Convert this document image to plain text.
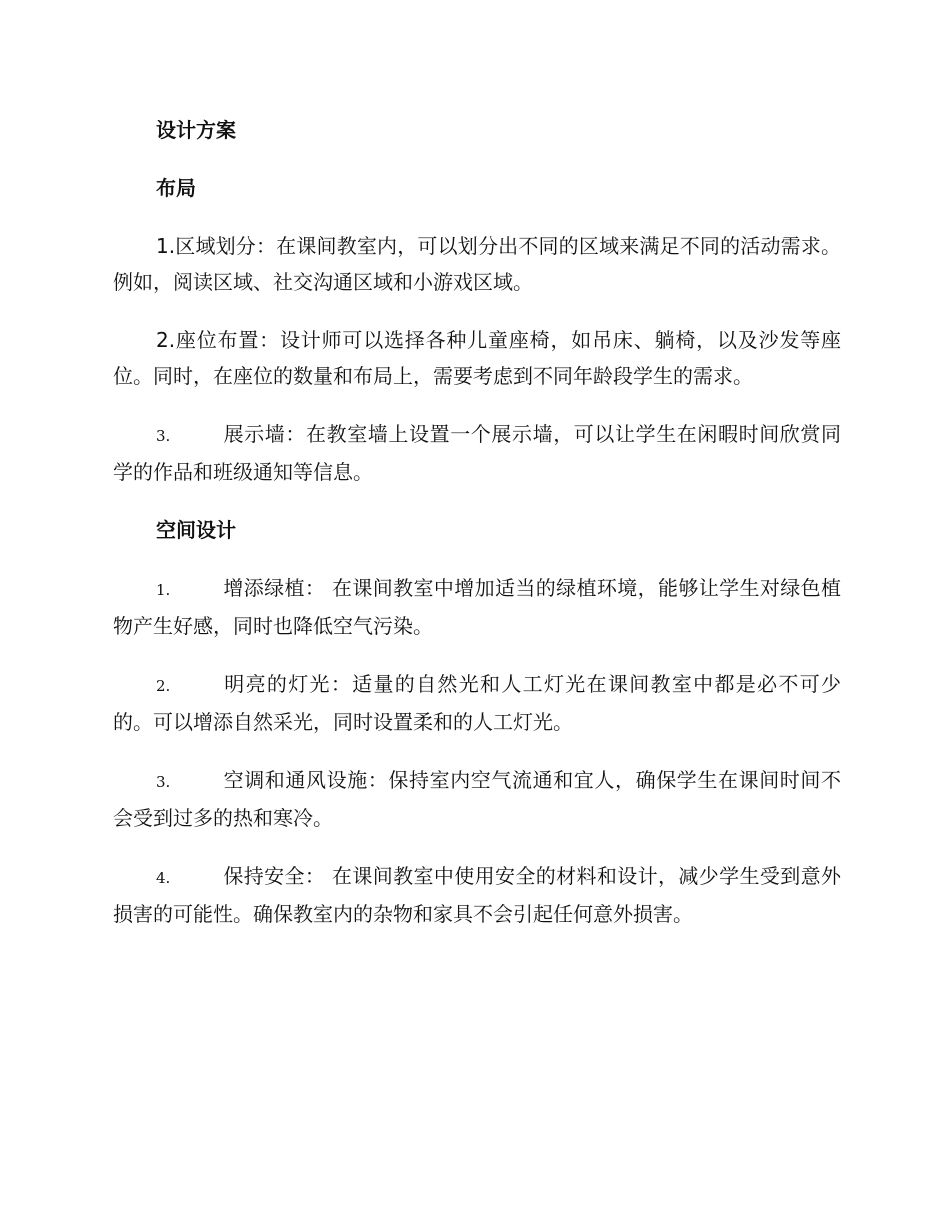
设计方案
布局

1.区域划分：在课间教室内，可以划分出不同的区域来满足不同的活动需求。例如，阅读区域、社交沟通区域和小游戏区域。

2.座位布置：设计师可以选择各种儿童座椅，如吊床、躺椅，以及沙发等座位。同时，在座位的数量和布局上，需要考虑到不同年龄段学生的需求。

3.	展示墙：在教室墙上设置一个展示墙，可以让学生在闲暇时间欣赏同学的作品和班级通知等信息。

空间设计

1.	增添绿植： 在课间教室中增加适当的绿植环境，能够让学生对绿色植物产生好感，同时也降低空气污染。

2.	明亮的灯光：适量的自然光和人工灯光在课间教室中都是必不可少的。可以增添自然采光，同时设置柔和的人工灯光。

3.	空调和通风设施：保持室内空气流通和宜人，确保学生在课间时间不会受到过多的热和寒冷。

4.	保持安全： 在课间教室中使用安全的材料和设计，减少学生受到意外损害的可能性。确保教室内的杂物和家具不会引起任何意外损害。
